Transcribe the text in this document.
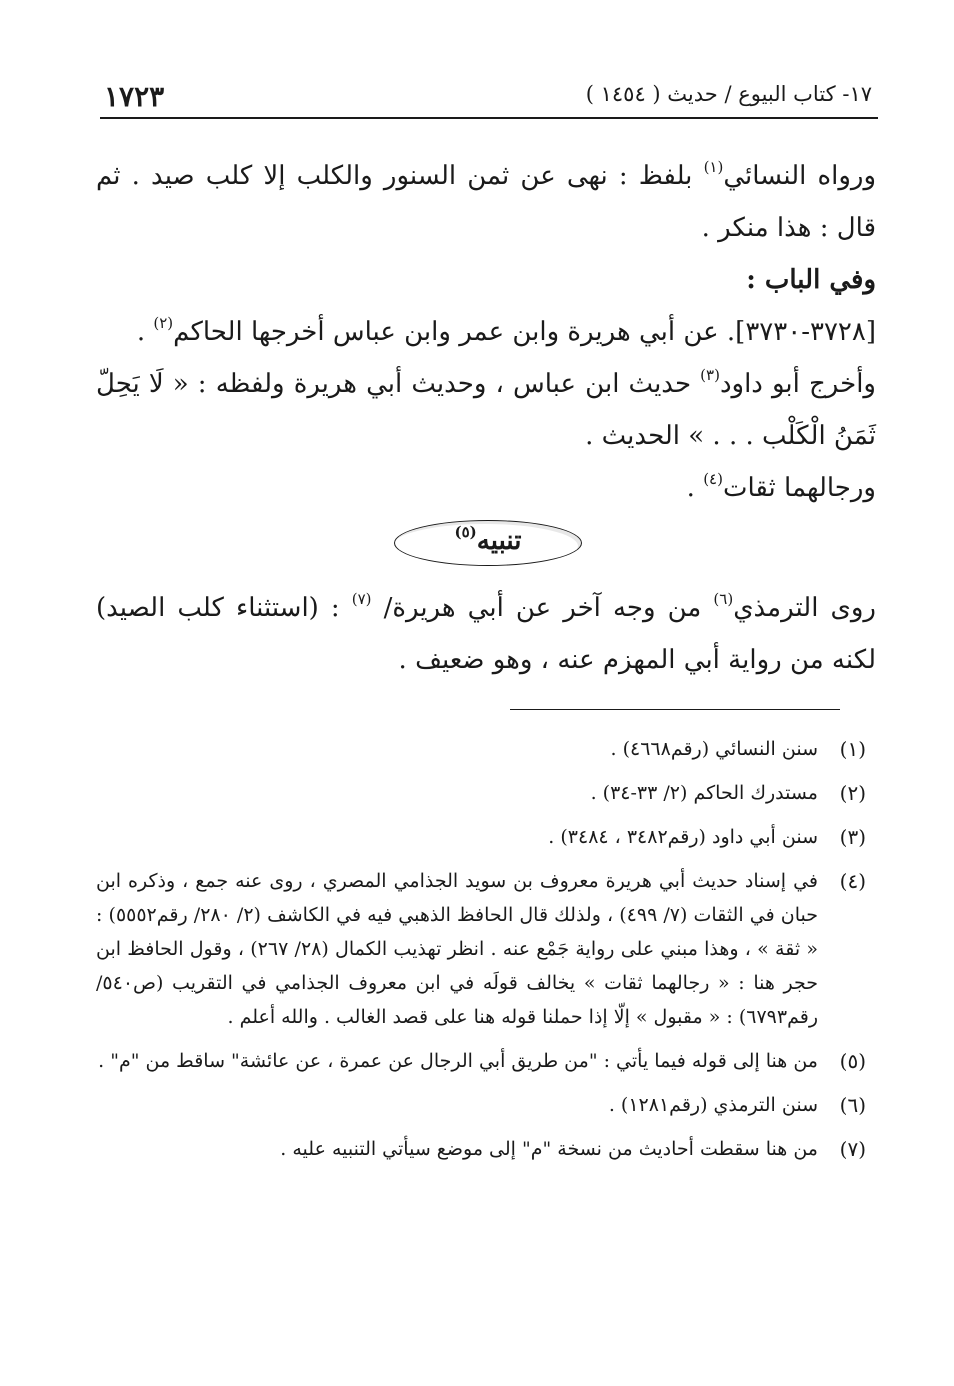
١٧٢٣	١٧- كتاب البيوع / حديث ( ١٤٥٤ )

ورواه النسائي$^{(١)}$ بلفظ : نهى عن ثمن السنور والكلب إلا كلب صيد . ثم قال : هذا منكر .

وفي الباب :

[٣٧٢٨-٣٧٣٠]. عن أبي هريرة وابن عمر وابن عباس أخرجها الحاكم$^{(٢)}$ .

وأخرج أبو داود$^{(٣)}$ حديث ابن عباس ، وحديث أبي هريرة ولفظه : « لَا يَحِلّ ثَمَنُ الْكَلْب . . . » الحديث .

ورجالهما ثقات$^{(٤)}$ .

تنبيه$^{(٥)}$

روى الترمذي$^{(٦)}$ من وجه آخر عن أبي هريرة/ $^{(٧)}$ : (استثناء كلب الصيد) لكنه من رواية أبي المهزم عنه ، وهو ضعيف .

(١)
سنن النسائي (رقم٤٦٦٨) .
(٢)
مستدرك الحاكم (٢/ ٣٣-٣٤) .
(٣)
سنن أبي داود (رقم٣٤٨٢ ، ٣٤٨٤) .
(٤)
في إسناد حديث أبي هريرة معروف بن سويد الجذامي المصري ، روى عنه جمع ، وذكره ابن حبان في الثقات (٧/ ٤٩٩) ، ولذلك قال الحافظ الذهبي فيه في الكاشف (٢/ ٢٨٠/ رقم٥٥٥٢) : « ثقة » ، وهذا مبني على رواية جَمْع عنه . انظر تهذيب الكمال (٢٨/ ٢٦٧) ، وقول الحافظ ابن حجر هنا : « رجالهما ثقات » يخالف قولَه في ابن معروف الجذامي في التقريب (ص٥٤٠/ رقم٦٧٩٣) : « مقبول » إلّا إذا حملنا قوله هنا على قصد الغالب . والله أعلم .
(٥)
من هنا إلى قوله فيما يأتي : "من طريق أبي الرجال عن عمرة ، عن عائشة" ساقط من "م" .
(٦)
سنن الترمذي (رقم١٢٨١) .
(٧)
من هنا سقطت أحاديث من نسخة "م" إلى موضع سيأتي التنبيه عليه .
